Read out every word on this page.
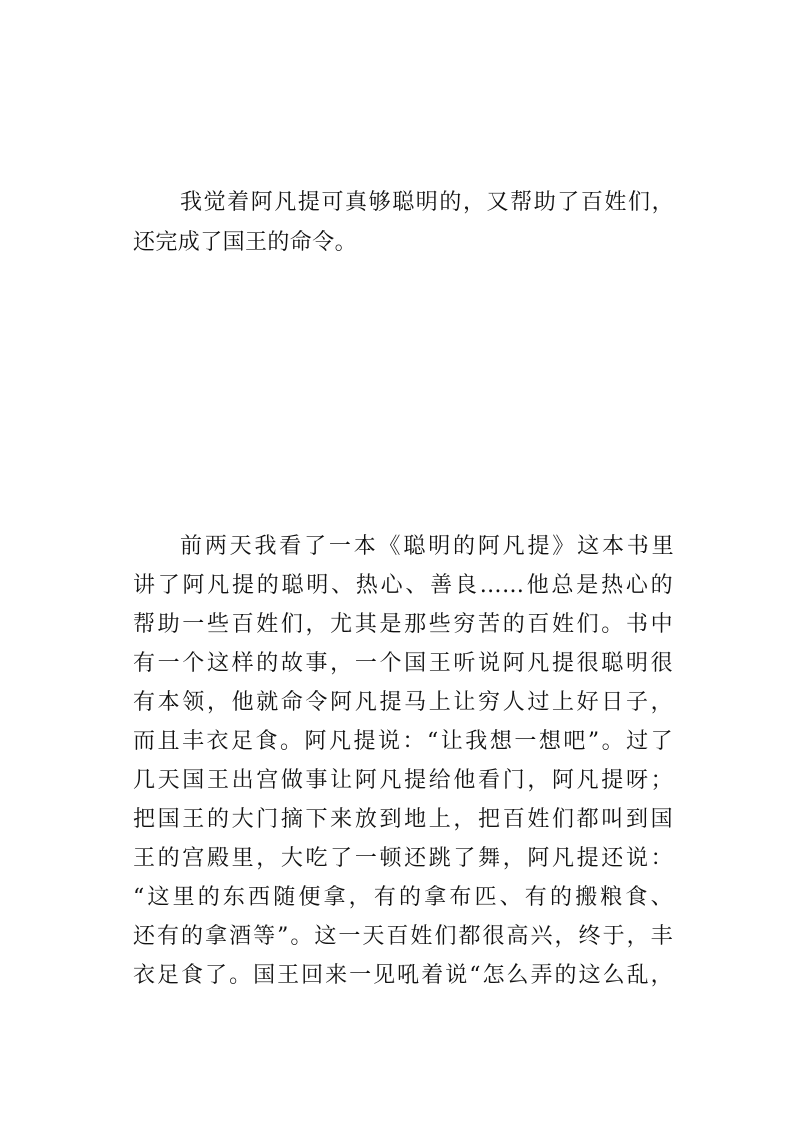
我觉着阿凡提可真够聪明的，又帮助了百姓们，
还完成了国王的命令。
前两天我看了一本《聪明的阿凡提》这本书里
讲了阿凡提的聪明、热心、善良……他总是热心的
帮助一些百姓们，尤其是那些穷苦的百姓们。书中
有一个这样的故事，一个国王听说阿凡提很聪明很
有本领，他就命令阿凡提马上让穷人过上好日子，
而且丰衣足食。阿凡提说：“让我想一想吧”。过了
几天国王出宫做事让阿凡提给他看门，阿凡提呀；
把国王的大门摘下来放到地上，把百姓们都叫到国
王的宫殿里，大吃了一顿还跳了舞，阿凡提还说：
“这里的东西随便拿，有的拿布匹、有的搬粮食、
还有的拿酒等”。这一天百姓们都很高兴，终于，丰
衣足食了。国王回来一见吼着说“怎么弄的这么乱，
